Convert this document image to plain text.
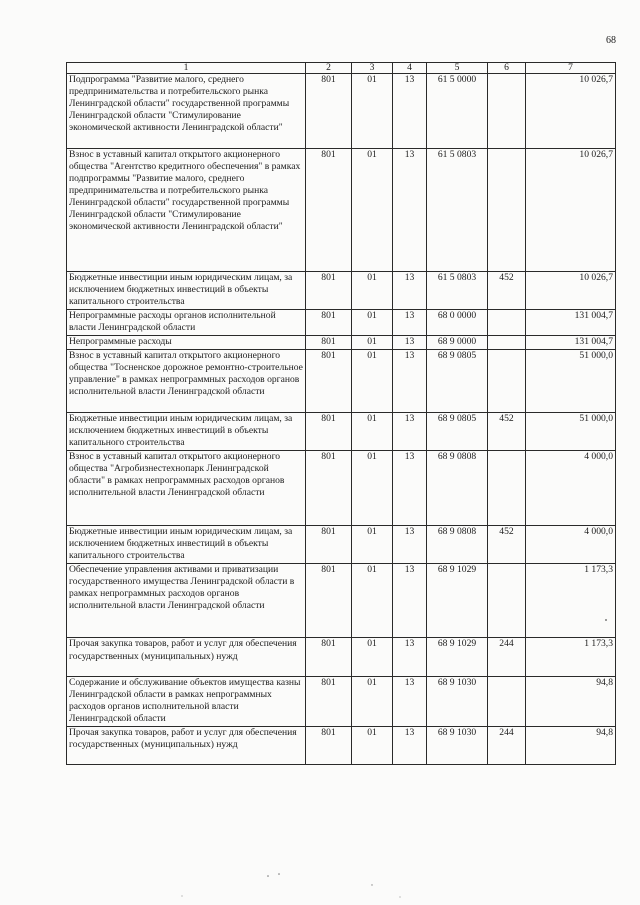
68
1	2	3	4	5	6	7
Подпрограмма "Развитие малого, среднего предпринимательства и потребительского рынка Ленинградской области" государственной программы Ленинградской области "Стимулирование экономической активности Ленинградской области"	801	01	13	61 5 0000		10 026,7
Взнос в уставный капитал открытого акционерного общества "Агентство кредитного обеспечения" в рамках подпрограммы "Развитие малого, среднего предпринимательства и потребительского рынка Ленинградской области" государственной программы Ленинградской области "Стимулирование экономической активности Ленинградской области"	801	01	13	61 5 0803		10 026,7
Бюджетные инвестиции иным юридическим лицам, за исключением бюджетных инвестиций в объекты капитального строительства	801	01	13	61 5 0803	452	10 026,7
Непрограммные расходы органов исполнительной власти Ленинградской области	801	01	13	68 0 0000		131 004,7
Непрограммные расходы	801	01	13	68 9 0000		131 004,7
Взнос в уставный капитал открытого акционерного общества "Тосненское дорожное ремонтно-строительное управление" в рамках непрограммных расходов органов исполнительной власти Ленинградской области	801	01	13	68 9 0805		51 000,0
Бюджетные инвестиции иным юридическим лицам, за исключением бюджетных инвестиций в объекты капитального строительства	801	01	13	68 9 0805	452	51 000,0
Взнос в уставный капитал открытого акционерного общества "Агробизнестехнопарк Ленинградской области" в рамках непрограммных расходов органов исполнительной власти Ленинградской области	801	01	13	68 9 0808		4 000,0
Бюджетные инвестиции иным юридическим лицам, за исключением бюджетных инвестиций в объекты капитального строительства	801	01	13	68 9 0808	452	4 000,0
Обеспечение управления активами и приватизации государственного имущества Ленинградской области в рамках непрограммных расходов органов исполнительной власти Ленинградской области	801	01	13	68 9 1029		1 173,3
Прочая закупка товаров, работ и услуг для обеспечения государственных (муниципальных) нужд	801	01	13	68 9 1029	244	1 173,3
Содержание и обслуживание объектов имущества казны Ленинградской области в рамках непрограммных расходов органов исполнительной власти Ленинградской области	801	01	13	68 9 1030		94,8
Прочая закупка товаров, работ и услуг для обеспечения государственных (муниципальных) нужд	801	01	13	68 9 1030	244	94,8
